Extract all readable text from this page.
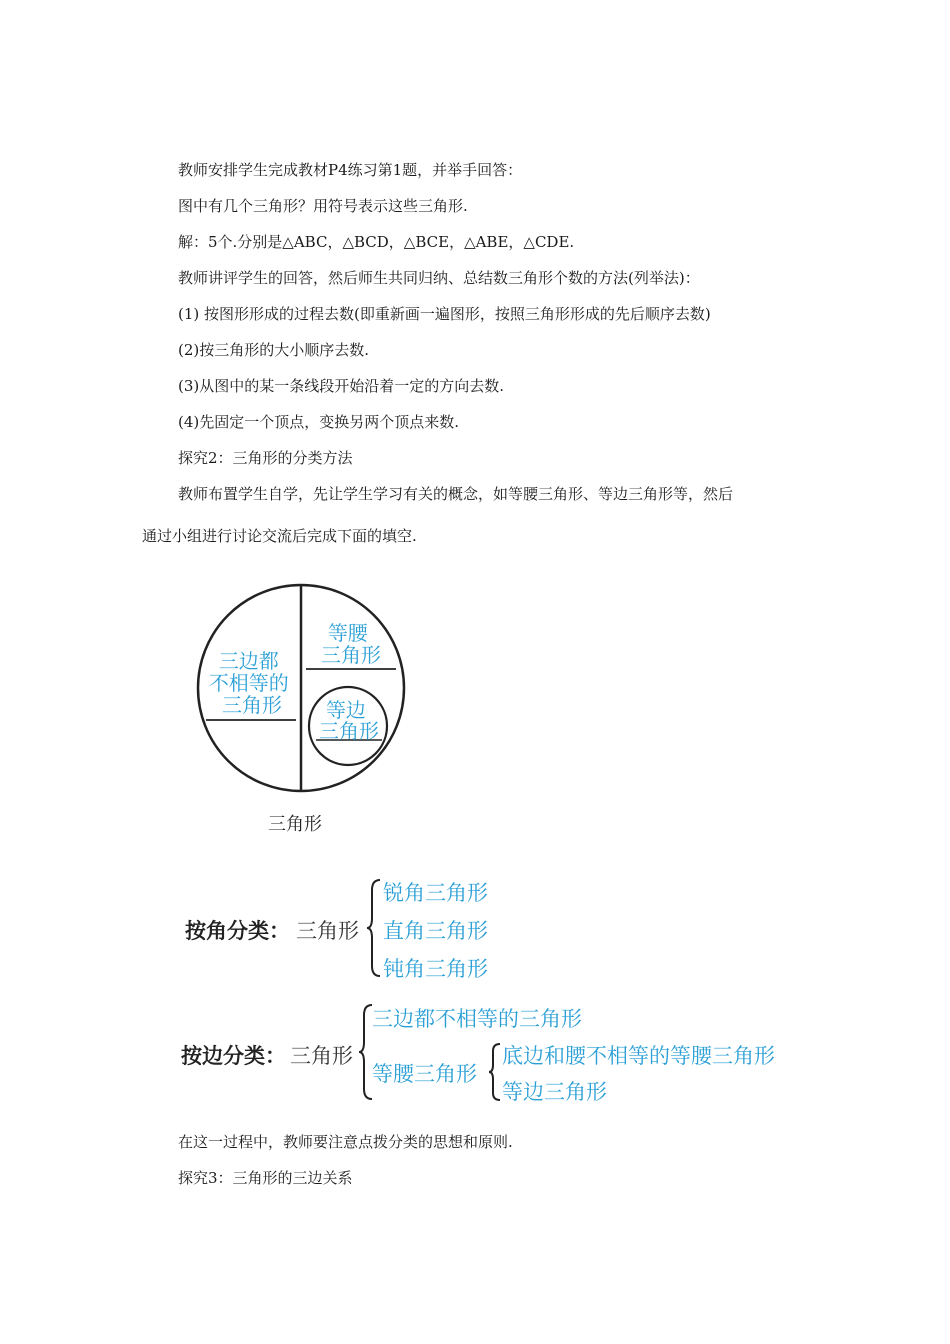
教师安排学生完成教材P4练习第1题，并举手回答：

图中有几个三角形？用符号表示这些三角形.

解：5个.分别是△ABC，△BCD，△BCE，△ABE，△CDE.

教师讲评学生的回答，然后师生共同归纳、总结数三角形个数的方法(列举法)：

(1) 按图形形成的过程去数(即重新画一遍图形，按照三角形形成的先后顺序去数)

(2)按三角形的大小顺序去数.

(3)从图中的某一条线段开始沿着一定的方向去数.

(4)先固定一个顶点，变换另两个顶点来数.

探究2：三角形的分类方法

教师布置学生自学，先让学生学习有关的概念，如等腰三角形、等边三角形等，然后

通过小组进行讨论交流后完成下面的填空.

三边都 不相等的 三角形
等腰 三角形
等边 三角形
三角形
按角分类： 三角形
锐角三角形
直角三角形
钝角三角形
按边分类： 三角形
三边都不相等的三角形
等腰三角形
底边和腰不相等的等腰三角形
等边三角形

在这一过程中，教师要注意点拨分类的思想和原则.

探究3：三角形的三边关系
